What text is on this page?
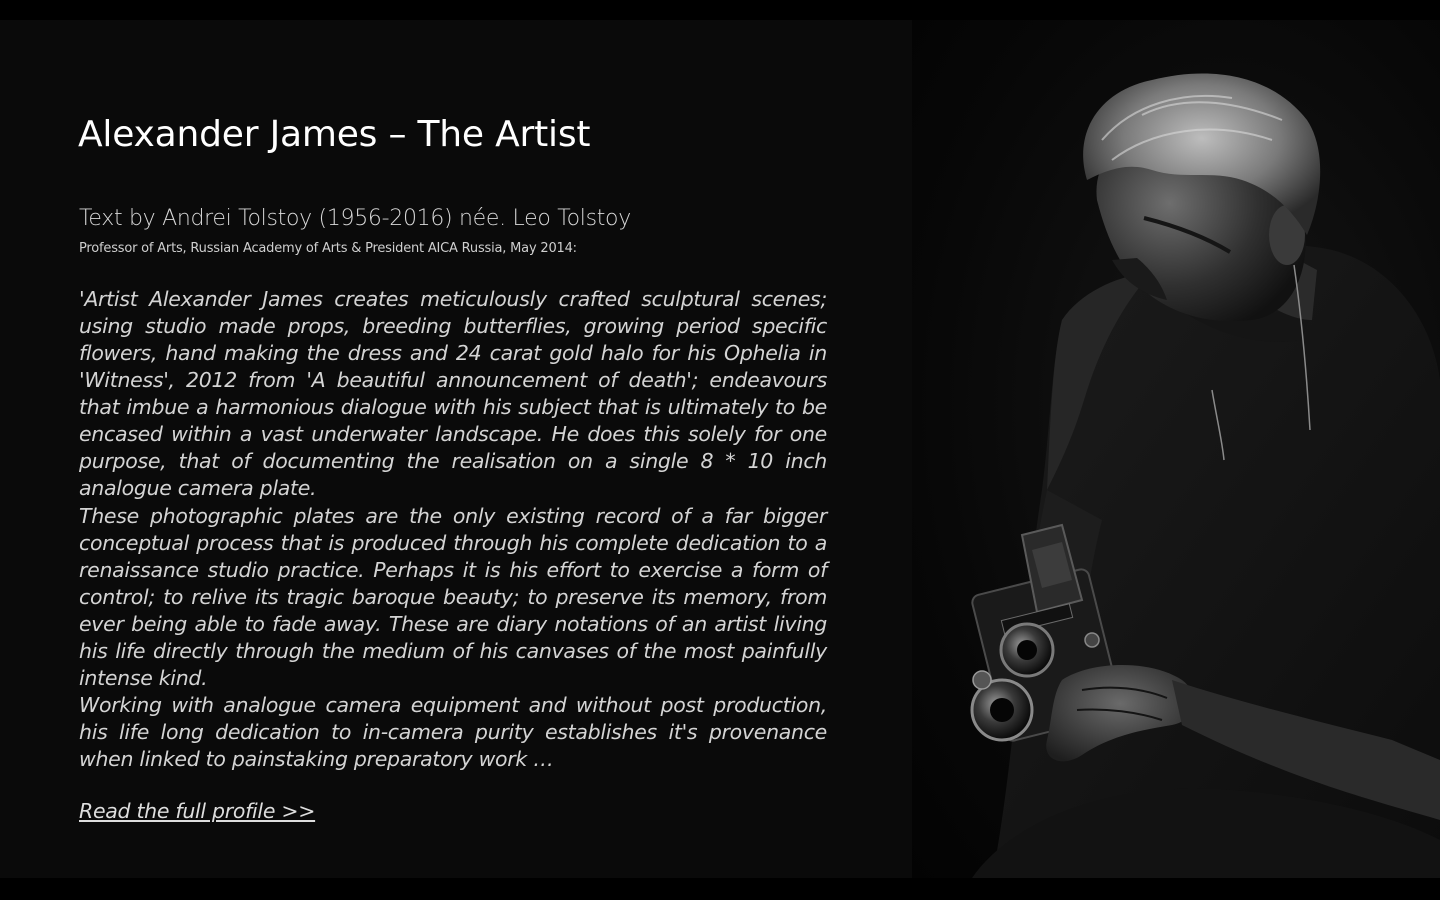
Alexander James – The Artist

Text by Andrei Tolstoy (1956-2016) née. Leo Tolstoy

Professor of Arts, Russian Academy of Arts & President AICA Russia, May 2014:

'Artist Alexander James creates meticulously crafted sculptural scenes; using studio made props, breeding butterflies, growing period specific flowers, hand making the dress and 24 carat gold halo for his Ophelia in 'Witness', 2012 from 'A beautiful announcement of death'; endeavours that imbue a harmonious dialogue with his subject that is ultimately to be encased within a vast underwater landscape. He does this solely for one purpose, that of documenting the realisation on a single 8 * 10 inch analogue camera plate.

These photographic plates are the only existing record of a far bigger conceptual process that is produced through his complete dedication to a renaissance studio practice. Perhaps it is his effort to exercise a form of control; to relive its tragic baroque beauty; to preserve its memory, from ever being able to fade away. These are diary notations of an artist living his life directly through the medium of his canvases of the most painfully intense kind.

Working with analogue camera equipment and without post production, his life long dedication to in-camera purity establishes it's provenance when linked to painstaking preparatory work …

Read the full profile >>
